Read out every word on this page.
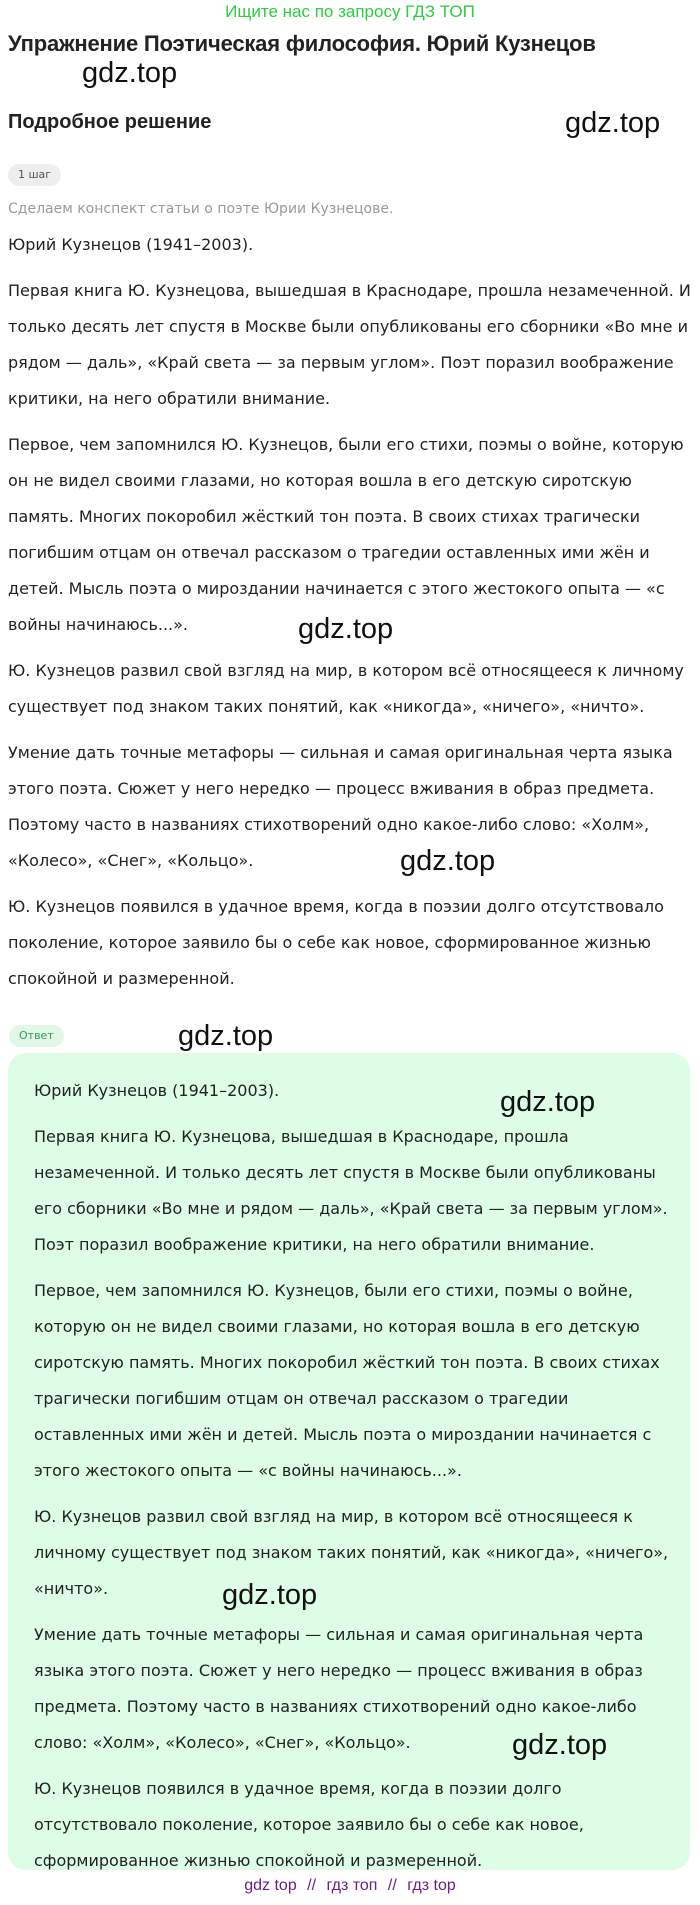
Ищите нас по запросу ГДЗ ТОП
Упражнение Поэтическая философия. Юрий Кузнецов
gdz.top
gdz.top
Подробное решение
1 шаг
Сделаем конспект статьи о поэте Юрии Кузнецове.

Юрий Кузнецов (1941–2003).

Первая книга Ю. Кузнецова, вышедшая в Краснодаре, прошла незамеченной. И только десять лет спустя в Москве были опубликованы его сборники «Во мне и рядом — даль», «Край света — за первым углом». Поэт поразил воображение критики, на него обратили внимание.

Первое, чем запомнился Ю. Кузнецов, были его стихи, поэмы о войне, которую он не видел своими глазами, но которая вошла в его детскую сиротскую память. Многих покоробил жёсткий тон поэта. В своих стихах трагически погибшим отцам он отвечал рассказом о трагедии оставленных ими жён и детей. Мысль поэта о мироздании начинается с этого жестокого опыта — «с войны начинаюсь...».

Ю. Кузнецов развил свой взгляд на мир, в котором всё относящееся к личному существует под знаком таких понятий, как «никогда», «ничего», «ничто».

Умение дать точные метафоры — сильная и самая оригинальная черта языка этого поэта. Сюжет у него нередко — процесс вживания в образ предмета. Поэтому часто в названиях стихотворений одно какое-либо слово: «Холм», «Колесо», «Снег», «Кольцо».

Ю. Кузнецов появился в удачное время, когда в поэзии долго отсутствовало поколение, которое заявило бы о себе как новое, сформированное жизнью спокойной и размеренной.

gdz.top
gdz.top
Ответ	gdz.top

Юрий Кузнецов (1941–2003).

Первая книга Ю. Кузнецова, вышедшая в Краснодаре, прошла незамеченной. И только десять лет спустя в Москве были опубликованы его сборники «Во мне и рядом — даль», «Край света — за первым углом». Поэт поразил воображение критики, на него обратили внимание.

Первое, чем запомнился Ю. Кузнецов, были его стихи, поэмы о войне, которую он не видел своими глазами, но которая вошла в его детскую сиротскую память. Многих покоробил жёсткий тон поэта. В своих стихах трагически погибшим отцам он отвечал рассказом о трагедии оставленных ими жён и детей. Мысль поэта о мироздании начинается с этого жестокого опыта — «с войны начинаюсь...».

Ю. Кузнецов развил свой взгляд на мир, в котором всё относящееся к личному существует под знаком таких понятий, как «никогда», «ничего», «ничто».

Умение дать точные метафоры — сильная и самая оригинальная черта языка этого поэта. Сюжет у него нередко — процесс вживания в образ предмета. Поэтому часто в названиях стихотворений одно какое-либо слово: «Холм», «Колесо», «Снег», «Кольцо».

Ю. Кузнецов появился в удачное время, когда в поэзии долго отсутствовало поколение, которое заявило бы о себе как новое, сформированное жизнью спокойной и размеренной.

gdz.top
gdz.top
gdz.top
gdz top // гдз топ // гдз top
